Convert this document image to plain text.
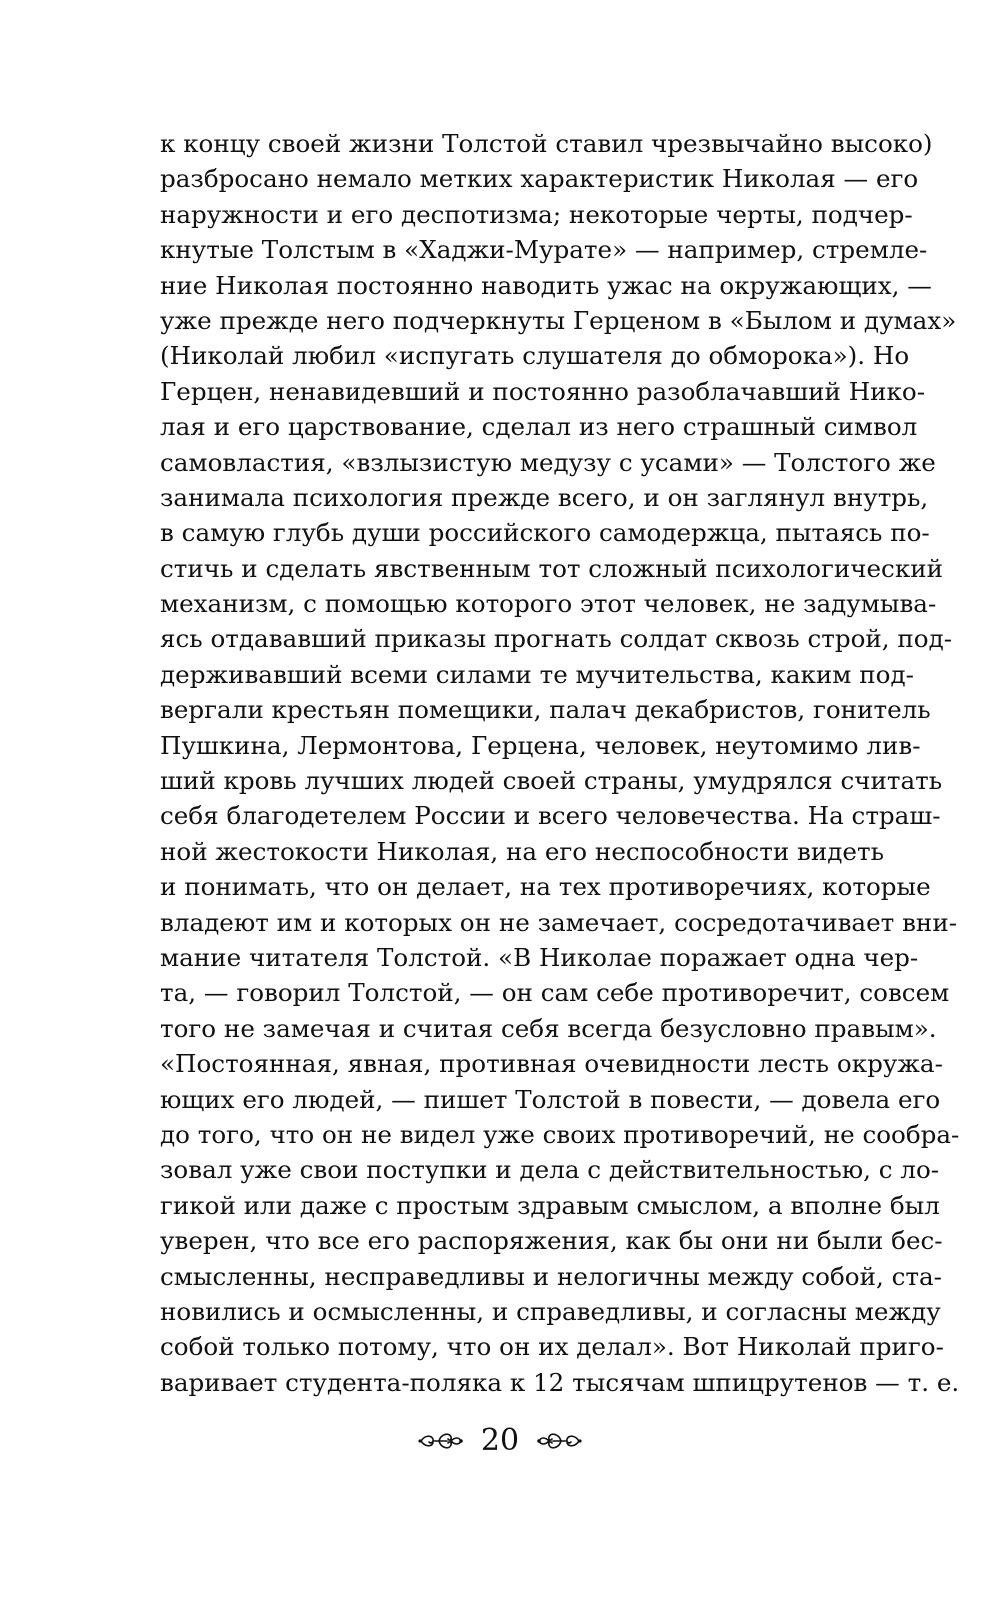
к концу своей жизни Толстой ставил чрезвычайно высоко)
разбросано немало метких характеристик Николая — его
наружности и его деспотизма; некоторые черты, подчер-
кнутые Толстым в «Хаджи-Мурате» — например, стремле-
ние Николая постоянно наводить ужас на окружающих, —
уже прежде него подчеркнуты Герценом в «Былом и думах»
(Николай любил «испугать слушателя до обморока»). Но
Герцен, ненавидевший и постоянно разоблачавший Нико-
лая и его царствование, сделал из него страшный символ
самовластия, «взлызистую медузу с усами» — Толстого же
занимала психология прежде всего, и он заглянул внутрь,
в самую глубь души российского самодержца, пытаясь по-
стичь и сделать явственным тот сложный психологический
механизм, с помощью которого этот человек, не задумыва-
ясь отдававший приказы прогнать солдат сквозь строй, под-
держивавший всеми силами те мучительства, каким под-
вергали крестьян помещики, палач декабристов, гонитель
Пушкина, Лермонтова, Герцена, человек, неутомимо лив-
ший кровь лучших людей своей страны, умудрялся считать
себя благодетелем России и всего человечества. На страш-
ной жестокости Николая, на его неспособности видеть
и понимать, что он делает, на тех противоречиях, которые
владеют им и которых он не замечает, сосредотачивает вни-
мание читателя Толстой. «В Николае поражает одна чер-
та, — говорил Толстой, — он сам себе противоречит, совсем
того не замечая и считая себя всегда безусловно правым».
«Постоянная, явная, противная очевидности лесть окружа-
ющих его людей, — пишет Толстой в повести, — довела его
до того, что он не видел уже своих противоречий, не сообра-
зовал уже свои поступки и дела с действительностью, с ло-
гикой или даже с простым здравым смыслом, а вполне был
уверен, что все его распоряжения, как бы они ни были бес-
смысленны, несправедливы и нелогичны между собой, ста-
новились и осмысленны, и справедливы, и согласны между
собой только потому, что он их делал». Вот Николай приго-
варивает студента-поляка к 12 тысячам шпицрутенов — т. е.
20
